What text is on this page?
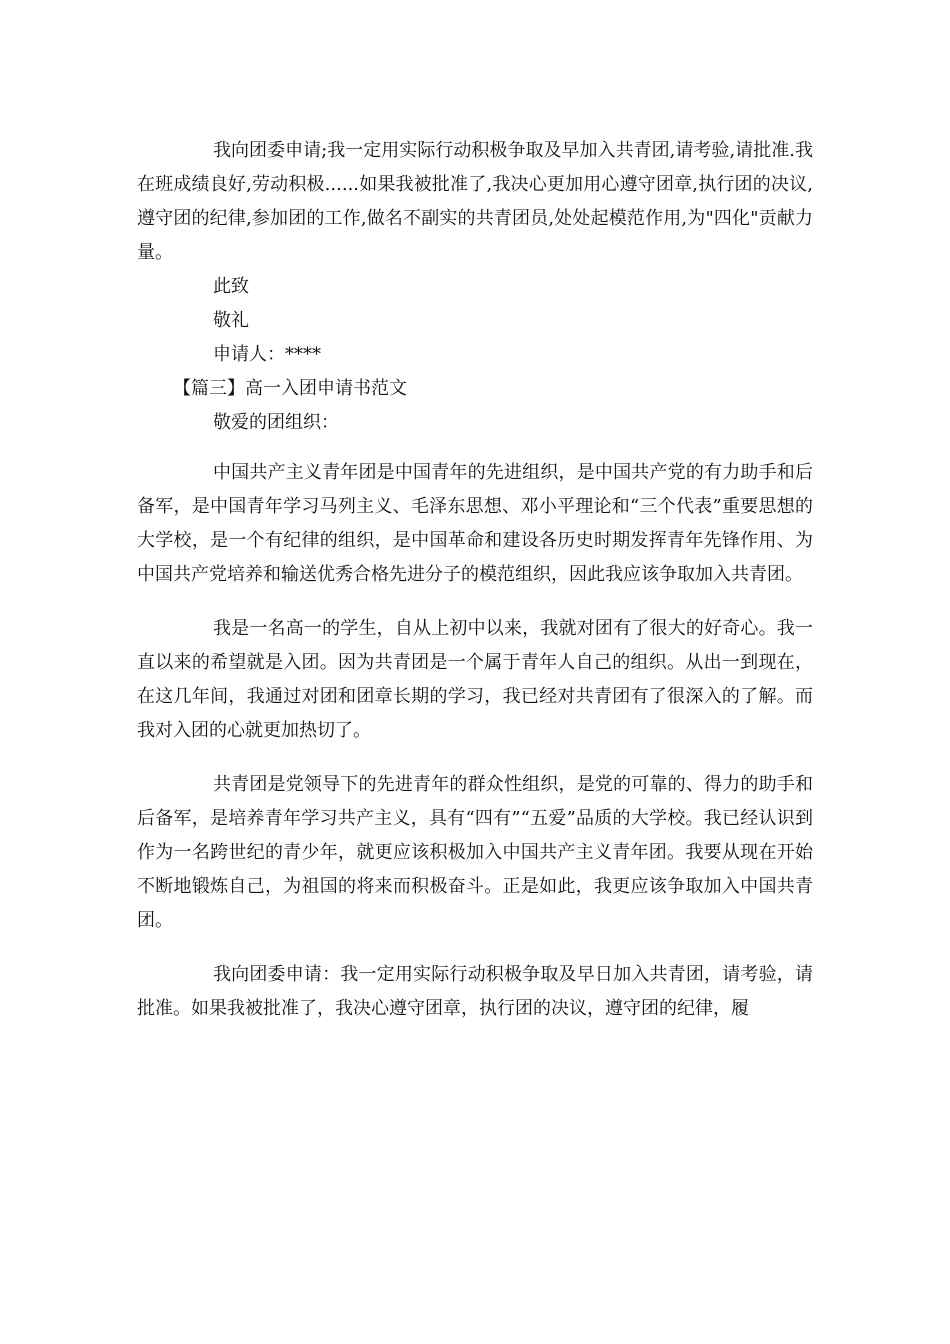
我向团委申请;我一定用实际行动积极争取及早加入共青团,请考验,请批准.我在班成绩良好,劳动积极......如果我被批准了,我决心更加用心遵守团章,执行团的决议,遵守团的纪律,参加团的工作,做名不副实的共青团员,处处起模范作用,为"四化"贡献力量。

此致

敬礼

申请人：****

【篇三】高一入团申请书范文

敬爱的团组织：

中国共产主义青年团是中国青年的先进组织，是中国共产党的有力助手和后备军，是中国青年学习马列主义、毛泽东思想、邓小平理论和“三个代表”重要思想的大学校，是一个有纪律的组织，是中国革命和建设各历史时期发挥青年先锋作用、为中国共产党培养和输送优秀合格先进分子的模范组织，因此我应该争取加入共青团。

我是一名高一的学生，自从上初中以来，我就对团有了很大的好奇心。我一直以来的希望就是入团。因为共青团是一个属于青年人自己的组织。从出一到现在，在这几年间，我通过对团和团章长期的学习，我已经对共青团有了很深入的了解。而我对入团的心就更加热切了。

共青团是党领导下的先进青年的群众性组织，是党的可靠的、得力的助手和后备军，是培养青年学习共产主义，具有“四有”“五爱”品质的大学校。我已经认识到作为一名跨世纪的青少年，就更应该积极加入中国共产主义青年团。我要从现在开始不断地锻炼自己，为祖国的将来而积极奋斗。正是如此，我更应该争取加入中国共青团。

我向团委申请：我一定用实际行动积极争取及早日加入共青团，请考验，请批准。如果我被批准了，我决心遵守团章，执行团的决议，遵守团的纪律，履
